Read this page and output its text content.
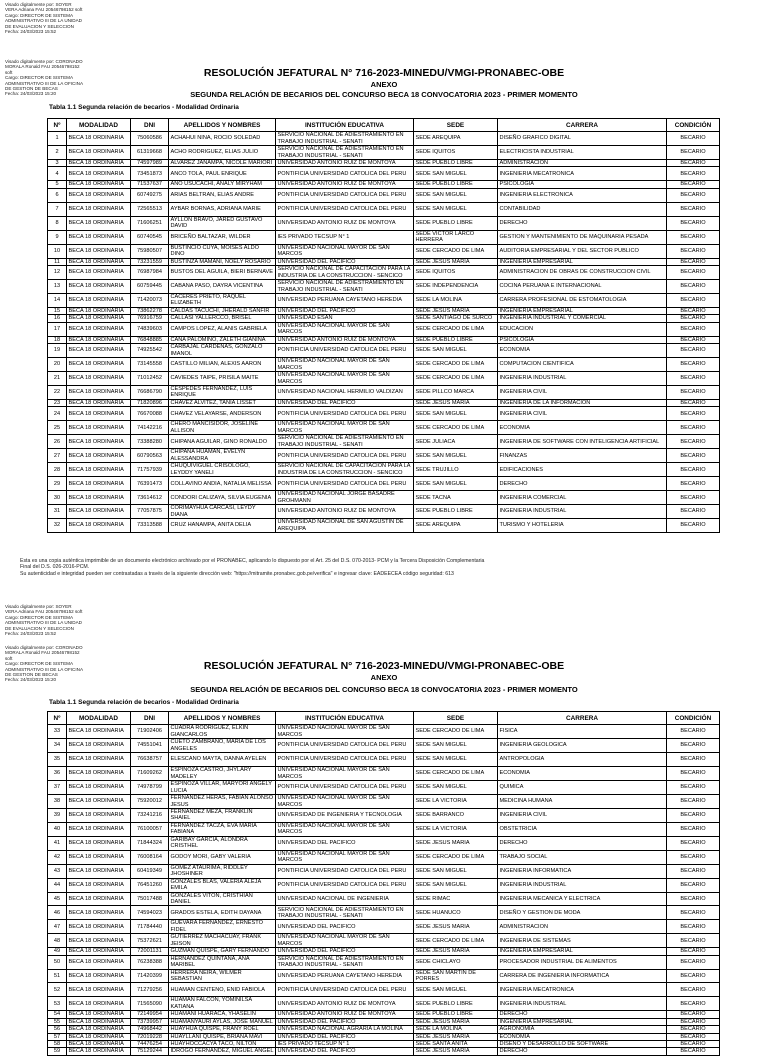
Visado digitalmente por: SOYER
VERA Adriana FAU 20546798152 soft
Cargo: DIRECTOR DE SISTEMA
ADMINISTRATIVO III DE LA UNIDAD
DE EVALUACION Y SELECCION
Fecha: 24/03/2023 15:52
Visado digitalmente por: CORONADO
MORALA Ronald FAU 20546798152
soft
Cargo: DIRECTOR DE SISTEMA
ADMINISTRATIVO III DE LA OFICINA
DE GESTION DE BECAS
Fecha: 24/03/2023 15:20
RESOLUCIÓN JEFATURAL N° 716-2023-MINEDU/VMGI-PRONABEC-OBE
ANEXO
SEGUNDA RELACIÓN DE BECARIOS DEL CONCURSO BECA 18 CONVOCATORIA 2023 - PRIMER MOMENTO
Tabla 1.1 Segunda relación de becarios - Modalidad Ordinaria
Nº	MODALIDAD	DNI	APELLIDOS Y NOMBRES	INSTITUCIÓN EDUCATIVA	SEDE	CARRERA	CONDICIÓN
1	BECA 18 ORDINARIA	75060586	ACHAHUI NINA, ROCIO SOLEDAD	SERVICIO NACIONAL DE ADIESTRAMIENTO EN TRABAJO INDUSTRIAL - SENATI	SEDE AREQUIPA	DISEÑO GRAFICO DIGITAL	BECARIO
2	BECA 18 ORDINARIA	61319668	ACHO RODRIGUEZ, ELIAS JULIO	SERVICIO NACIONAL DE ADIESTRAMIENTO EN TRABAJO INDUSTRIAL - SENATI	SEDE IQUITOS	ELECTRICISTA INDUSTRIAL	BECARIO
3	BECA 18 ORDINARIA	74597989	ALVAREZ JANAMPA, NICOLE MARIORI	UNIVERSIDAD ANTONIO RUIZ DE MONTOYA	SEDE PUEBLO LIBRE	ADMINISTRACION	BECARIO
4	BECA 18 ORDINARIA	73451873	ANCO TOLA, PAUL ENRIQUE	PONTIFICIA UNIVERSIDAD CATOLICA DEL PERU	SEDE SAN MIGUEL	INGENIERIA MECATRONICA	BECARIO
5	BECA 18 ORDINARIA	71537637	AÑO USUCACHI, ANALY MIRYHAM	UNIVERSIDAD ANTONIO RUIZ DE MONTOYA	SEDE PUEBLO LIBRE	PSICOLOGIA	BECARIO
6	BECA 18 ORDINARIA	60749275	ARIAS BELTRAN, ELIAS ANDRE	PONTIFICIA UNIVERSIDAD CATOLICA DEL PERU	SEDE SAN MIGUEL	INGENIERIA ELECTRONICA	BECARIO
7	BECA 18 ORDINARIA	72565513	AYBAR BORNAS, ADRIANA MARIE	PONTIFICIA UNIVERSIDAD CATOLICA DEL PERU	SEDE SAN MIGUEL	CONTABILIDAD	BECARIO
8	BECA 18 ORDINARIA	71606251	AYLLON BRAVO, JARED GUSTAVO DAVID	UNIVERSIDAD ANTONIO RUIZ DE MONTOYA	SEDE PUEBLO LIBRE	DERECHO	BECARIO
9	BECA 18 ORDINARIA	60740545	BRICEÑO BALTAZAR, WILDER	IES PRIVADO TECSUP N° 1	SEDE VICTOR LARCO HERRERA	GESTION Y MANTENIMIENTO DE MAQUINARIA PESADA	BECARIO
10	BECA 18 ORDINARIA	75980507	BUSTINCIO CUYA, MOISES ALDO DINO	UNIVERSIDAD NACIONAL MAYOR DE SAN MARCOS	SEDE CERCADO DE LIMA	AUDITORIA EMPRESARIAL Y DEL SECTOR PUBLICO	BECARIO
11	BECA 18 ORDINARIA	73231559	BUSTINZA MAMANI, NOELY ROSARIO	UNIVERSIDAD DEL PACIFICO	SEDE JESUS MARIA	INGENIERIA EMPRESARIAL	BECARIO
12	BECA 18 ORDINARIA	76987984	BUSTOS DEL AGUILA, BIERI BERNAVE	SERVICIO NACIONAL DE CAPACITACION PARA LA INDUSTRIA DE LA CONSTRUCCION - SENCICO	SEDE IQUITOS	ADMINISTRACION DE OBRAS DE CONSTRUCCION CIVIL	BECARIO
13	BECA 18 ORDINARIA	60759445	CABANA PASO, DAYRA VICENTINA	SERVICIO NACIONAL DE ADIESTRAMIENTO EN TRABAJO INDUSTRIAL - SENATI	SEDE INDEPENDENCIA	COCINA PERUANA E INTERNACIONAL	BECARIO
14	BECA 18 ORDINARIA	71420073	CACERES PRIETO, RAQUEL ELIZABETH	UNIVERSIDAD PERUANA CAYETANO HEREDIA	SEDE LA MOLINA	CARRERA PROFESIONAL DE ESTOMATOLOGIA	BECARIO
15	BECA 18 ORDINARIA	73862278	CALDAS TACUCHI, JHERALD SANFIR	UNIVERSIDAD DEL PACIFICO	SEDE JESUS MARIA	INGENIERIA EMPRESARIAL	BECARIO
16	BECA 18 ORDINARIA	76916759	CALLASI YALLERCCO, BRISEL	UNIVERSIDAD ESAN	SEDE SANTIAGO DE SURCO	INGENIERIA INDUSTRIAL Y COMERCIAL	BECARIO
17	BECA 18 ORDINARIA	74839603	CAMPOS LOPEZ, ALANIS GABRIELA	UNIVERSIDAD NACIONAL MAYOR DE SAN MARCOS	SEDE CERCADO DE LIMA	EDUCACION	BECARIO
18	BECA 18 ORDINARIA	76848885	CANA PALOMINO, ZALETH GIANINA	UNIVERSIDAD ANTONIO RUIZ DE MONTOYA	SEDE PUEBLO LIBRE	PSICOLOGIA	BECARIO
19	BECA 18 ORDINARIA	74925542	CARBAJAL CARDENAS, GONZALO IMANOL	PONTIFICIA UNIVERSIDAD CATOLICA DEL PERU	SEDE SAN MIGUEL	ECONOMIA	BECARIO
20	BECA 18 ORDINARIA	73145558	CASTILLO MILIAN, ALEXIS AARON	UNIVERSIDAD NACIONAL MAYOR DE SAN MARCOS	SEDE CERCADO DE LIMA	COMPUTACION CIENTIFICA	BECARIO
21	BECA 18 ORDINARIA	71012452	CAVIEDES TAIPE, PRISILA MAITE	UNIVERSIDAD NACIONAL MAYOR DE SAN MARCOS	SEDE CERCADO DE LIMA	INGENIERIA INDUSTRIAL	BECARIO
22	BECA 18 ORDINARIA	76686790	CESPEDES FERNANDEZ, LUIS ENRIQUE	UNIVERSIDAD NACIONAL HERMILIO VALDIZAN	SEDE PILLCO MARCA	INGENIERIA CIVIL	BECARIO
23	BECA 18 ORDINARIA	71820896	CHAVEZ ALVITEZ, TANIA LISSET	UNIVERSIDAD DEL PACIFICO	SEDE JESUS MARIA	INGENIERIA DE LA INFORMACION	BECARIO
24	BECA 18 ORDINARIA	76670088	CHAVEZ VELAYARSE, ANDERSON	PONTIFICIA UNIVERSIDAD CATOLICA DEL PERU	SEDE SAN MIGUEL	INGENIERIA CIVIL	BECARIO
25	BECA 18 ORDINARIA	74142216	CHERO MANCISIDOR, JOSELINE ALLISON	UNIVERSIDAD NACIONAL MAYOR DE SAN MARCOS	SEDE CERCADO DE LIMA	ECONOMIA	BECARIO
26	BECA 18 ORDINARIA	73388280	CHIPANA AGUILAR, GINO RONALDO	SERVICIO NACIONAL DE ADIESTRAMIENTO EN TRABAJO INDUSTRIAL - SENATI	SEDE JULIACA	INGENIERIA DE SOFTWARE CON INTELIGENCIA ARTIFICIAL	BECARIO
27	BECA 18 ORDINARIA	60790563	CHIPANA HUAMAN, EVELYN ALESSANDRA	PONTIFICIA UNIVERSIDAD CATOLICA DEL PERU	SEDE SAN MIGUEL	FINANZAS	BECARIO
28	BECA 18 ORDINARIA	71757939	CHUQUIVIGUEL CRISÓLOGO, LEYDDY YANELI	SERVICIO NACIONAL DE CAPACITACION PARA LA INDUSTRIA DE LA CONSTRUCCION - SENCICO	SEDE TRUJILLO	EDIFICACIONES	BECARIO
29	BECA 18 ORDINARIA	76391473	COLLAVINO ANDIA, NATALIA MELISSA	PONTIFICIA UNIVERSIDAD CATOLICA DEL PERU	SEDE SAN MIGUEL	DERECHO	BECARIO
30	BECA 18 ORDINARIA	73614612	CONDORI CALIZAYA, SILVIA EUGENIA	UNIVERSIDAD NACIONAL JORGE BASADRE GROHMANN	SEDE TACNA	INGENIERIA COMERCIAL	BECARIO
31	BECA 18 ORDINARIA	77057875	CORIMAYHUA CARCASI, LEYDY DIANA	UNIVERSIDAD ANTONIO RUIZ DE MONTOYA	SEDE PUEBLO LIBRE	INGENIERIA INDUSTRIAL	BECARIO
32	BECA 18 ORDINARIA	73313588	CRUZ HANAMPA, ANITA DELIA	UNIVERSIDAD NACIONAL DE SAN AGUSTIN DE AREQUIPA	SEDE AREQUIPA	TURISMO Y HOTELERIA	BECARIO
Esta es una copia auténtica imprimible de un documento electrónico archivado por el PRONABEC, aplicando lo dispuesto por el Art. 25 del D.S. 070-2013- PCM y la Tercera Disposición Complementaria
Final del D.S. 026-2016-PCM.
Su autenticidad e integridad pueden ser contrastadas a través de la siguiente dirección web: "https://mitramite.pronabec.gob.pe/verifica" e ingresar clave: EADEECEA código seguridad: 613
Visado digitalmente por: SOYER
VERA Adriana FAU 20546798152 soft
Cargo: DIRECTOR DE SISTEMA
ADMINISTRATIVO III DE LA UNIDAD
DE EVALUACION Y SELECCION
Fecha: 24/03/2023 15:52
Visado digitalmente por: CORONADO
MORALA Ronald FAU 20546798152
soft
Cargo: DIRECTOR DE SISTEMA
ADMINISTRATIVO III DE LA OFICINA
DE GESTION DE BECAS
Fecha: 24/03/2023 15:20
RESOLUCIÓN JEFATURAL N° 716-2023-MINEDU/VMGI-PRONABEC-OBE
ANEXO
SEGUNDA RELACIÓN DE BECARIOS DEL CONCURSO BECA 18 CONVOCATORIA 2023 - PRIMER MOMENTO
Tabla 1.1 Segunda relación de becarios - Modalidad Ordinaria
Nº	MODALIDAD	DNI	APELLIDOS Y NOMBRES	INSTITUCIÓN EDUCATIVA	SEDE	CARRERA	CONDICIÓN
33	BECA 18 ORDINARIA	71902406	CUADRA RODRIGUEZ, ELKIN GIANCARLOS	UNIVERSIDAD NACIONAL MAYOR DE SAN MARCOS	SEDE CERCADO DE LIMA	FISICA	BECARIO
34	BECA 18 ORDINARIA	74551041	CUETO ZAMBRANO, MARIA DE LOS ANGELES	PONTIFICIA UNIVERSIDAD CATOLICA DEL PERU	SEDE SAN MIGUEL	INGENIERIA GEOLOGICA	BECARIO
35	BECA 18 ORDINARIA	76638757	ELESCANO MAYTA, DANNA AYELEN	PONTIFICIA UNIVERSIDAD CATOLICA DEL PERU	SEDE SAN MIGUEL	ANTROPOLOGIA	BECARIO
36	BECA 18 ORDINARIA	71609262	ESPINOZA CASTRO, JHYLARY MADELEY	UNIVERSIDAD NACIONAL MAYOR DE SAN MARCOS	SEDE CERCADO DE LIMA	ECONOMIA	BECARIO
37	BECA 18 ORDINARIA	74978799	ESPINOZA VILLAR, MARYORI ANGELY LUCIA	PONTIFICIA UNIVERSIDAD CATOLICA DEL PERU	SEDE SAN MIGUEL	QUIMICA	BECARIO
38	BECA 18 ORDINARIA	75920012	FERNANDEZ HERAS, FABIAN ALONSO JESUS	UNIVERSIDAD NACIONAL MAYOR DE SAN MARCOS	SEDE LA VICTORIA	MEDICINA HUMANA	BECARIO
39	BECA 18 ORDINARIA	73241216	FERNANDEZ MEZA, FRANKLIN SHAIEL	UNIVERSIDAD DE INGENIERIA Y TECNOLOGIA	SEDE BARRANCO	INGENIERIA CIVIL	BECARIO
40	BECA 18 ORDINARIA	76100057	FERNANDEZ TACZA, EVA MARIA FABIANA	UNIVERSIDAD NACIONAL MAYOR DE SAN MARCOS	SEDE LA VICTORIA	OBSTETRICIA	BECARIO
41	BECA 18 ORDINARIA	71844324	GARIBAY GARCIA, ALONDRA CRISTHEL	UNIVERSIDAD DEL PACIFICO	SEDE JESUS MARIA	DERECHO	BECARIO
42	BECA 18 ORDINARIA	76008164	GODOY MORI, GABY VALERIA	UNIVERSIDAD NACIONAL MAYOR DE SAN MARCOS	SEDE CERCADO DE LIMA	TRABAJO SOCIAL	BECARIO
43	BECA 18 ORDINARIA	60419349	GOMEZ ATAURIMA, RIDDLEY JHOSHINER	PONTIFICIA UNIVERSIDAD CATOLICA DEL PERU	SEDE SAN MIGUEL	INGENIERIA INFORMATICA	BECARIO
44	BECA 18 ORDINARIA	76451260	GONZALES BLAS, VALERIA ALEJA EMILA	PONTIFICIA UNIVERSIDAD CATOLICA DEL PERU	SEDE SAN MIGUEL	INGENIERIA INDUSTRIAL	BECARIO
45	BECA 18 ORDINARIA	75017488	GONZALES VITON, CRISTHIAN DANIEL	UNIVERSIDAD NACIONAL DE INGENIERIA	SEDE RIMAC	INGENIERIA MECANICA Y ELECTRICA	BECARIO
46	BECA 18 ORDINARIA	74594023	GRADOS ESTELA, EDITH DAYANA	SERVICIO NACIONAL DE ADIESTRAMIENTO EN TRABAJO INDUSTRIAL - SENATI	SEDE HUANUCO	DISEÑO Y GESTION DE MODA	BECARIO
47	BECA 18 ORDINARIA	71784440	GUEVARA FERNANDEZ, ERNESTO FIDEL	UNIVERSIDAD DEL PACIFICO	SEDE JESUS MARIA	ADMINISTRACION	BECARIO
48	BECA 18 ORDINARIA	75372621	GUTIERREZ MACHACUAY, FRANK JEISON	UNIVERSIDAD NACIONAL MAYOR DE SAN MARCOS	SEDE CERCADO DE LIMA	INGENIERIA DE SISTEMAS	BECARIO
49	BECA 18 ORDINARIA	72001131	GUZMAN QUISPE, GARY FERNANDO	UNIVERSIDAD DEL PACIFICO	SEDE JESUS MARIA	INGENIERIA EMPRESARIAL	BECARIO
50	BECA 18 ORDINARIA	76238388	HERNANDEZ QUINTANA, ANA MARIBEL	SERVICIO NACIONAL DE ADIESTRAMIENTO EN TRABAJO INDUSTRIAL - SENATI	SEDE CHICLAYO	PROCESADOR INDUSTRIAL DE ALIMENTOS	BECARIO
51	BECA 18 ORDINARIA	71420399	HERRERA NEIRA, WILMER SEBASTIAN	UNIVERSIDAD PERUANA CAYETANO HEREDIA	SEDE SAN MARTIN DE PORRES	CARRERA DE INGENIERIA INFORMATICA	BECARIO
52	BECA 18 ORDINARIA	71279256	HUAMAN CENTENO, ENID FABIOLA	PONTIFICIA UNIVERSIDAD CATOLICA DEL PERU	SEDE SAN MIGUEL	INGENIERIA MECATRONICA	BECARIO
53	BECA 18 ORDINARIA	71565090	HUAMAN FALCON, YOMINILSA KATIANA	UNIVERSIDAD ANTONIO RUIZ DE MONTOYA	SEDE PUEBLO LIBRE	INGENIERIA INDUSTRIAL	BECARIO
54	BECA 18 ORDINARIA	72149954	HUAMANI HUARACA, YHASELIN	UNIVERSIDAD ANTONIO RUIZ DE MONTOYA	SEDE PUEBLO LIBRE	DERECHO	BECARIO
55	BECA 18 ORDINARIA	73739957	HUAMANYAURI AYLAS, JOSE MANUEL	UNIVERSIDAD DEL PACIFICO	SEDE JESUS MARIA	INGENIERIA EMPRESARIAL	BECARIO
56	BECA 18 ORDINARIA	74968442	HUAYHUA QUISPE, FRANY ROEL	UNIVERSIDAD NACIONAL AGRARIA LA MOLINA	SEDE LA MOLINA	AGRONOMIA	BECARIO
57	BECA 18 ORDINARIA	72019228	HUAYLLANI QUISPE, BRIANA MAVI	UNIVERSIDAD DEL PACIFICO	SEDE JESUS MARIA	ECONOMIA	BECARIO
58	BECA 18 ORDINARIA	74476254	HUAYHOCCACYA TACO, NILTON	IES PRIVADO TECSUP N° 1	SEDE SANTA ANITA	DISEÑO Y DESARROLLO DE SOFTWARE	BECARIO
59	BECA 18 ORDINARIA	75129244	IDROGO FERNANDEZ, MIGUEL ANGEL	UNIVERSIDAD DEL PACIFICO	SEDE JESUS MARIA	DERECHO	BECARIO
